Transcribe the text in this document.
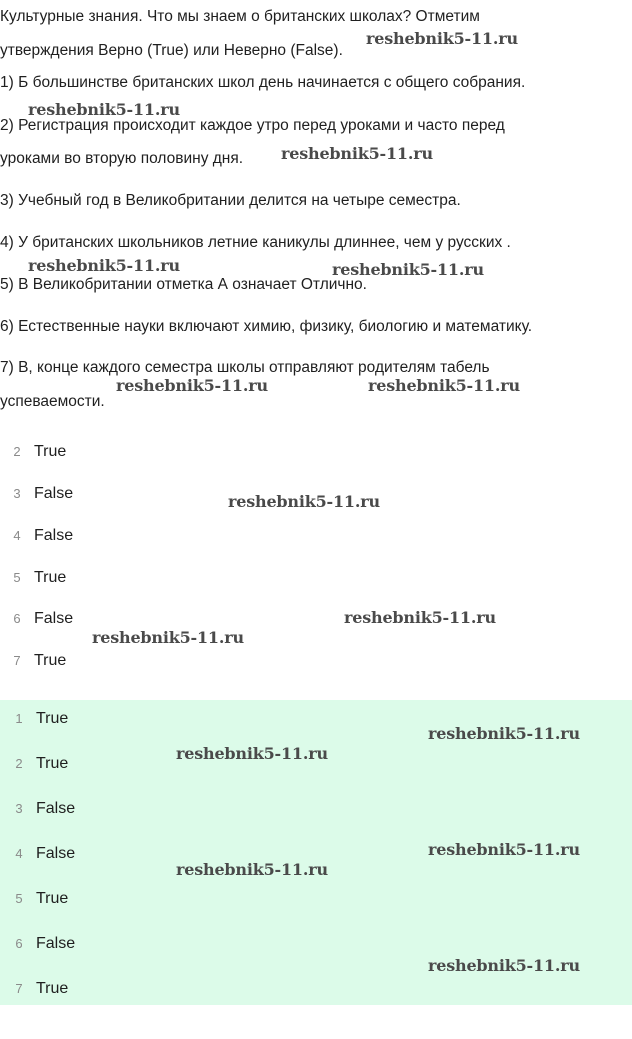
Культурные знания. Что мы знаем о британских школах? Отметим

утверждения Верно (True) или Неверно (False).

1) Б большинстве британских школ день начинается с общего собрания.

2) Регистрация происходит каждое утро перед уроками и часто перед

уроками во вторую половину дня.

3) Учебный год в Великобритании делится на четыре семестра.

4) У британских школьников летние каникулы длиннее, чем у русских .

5) В Великобритании отметка А означает Отлично.

6) Естественные науки включают химию, физику, биологию и математику.

7) В, конце каждого семестра школы отправляют родителям табель

успеваемости.

2 True
3 False
4 False
5 True
6 False
7 True
1 True
2 True
3 False
4 False
5 True
6 False
7 True
reshebnik5-11.ru
reshebnik5-11.ru
reshebnik5-11.ru
reshebnik5-11.ru	reshebnik5-11.ru
reshebnik5-11.ru	reshebnik5-11.ru
reshebnik5-11.ru
reshebnik5-11.ru
reshebnik5-11.ru
reshebnik5-11.ru
reshebnik5-11.ru
reshebnik5-11.ru
reshebnik5-11.ru
reshebnik5-11.ru
